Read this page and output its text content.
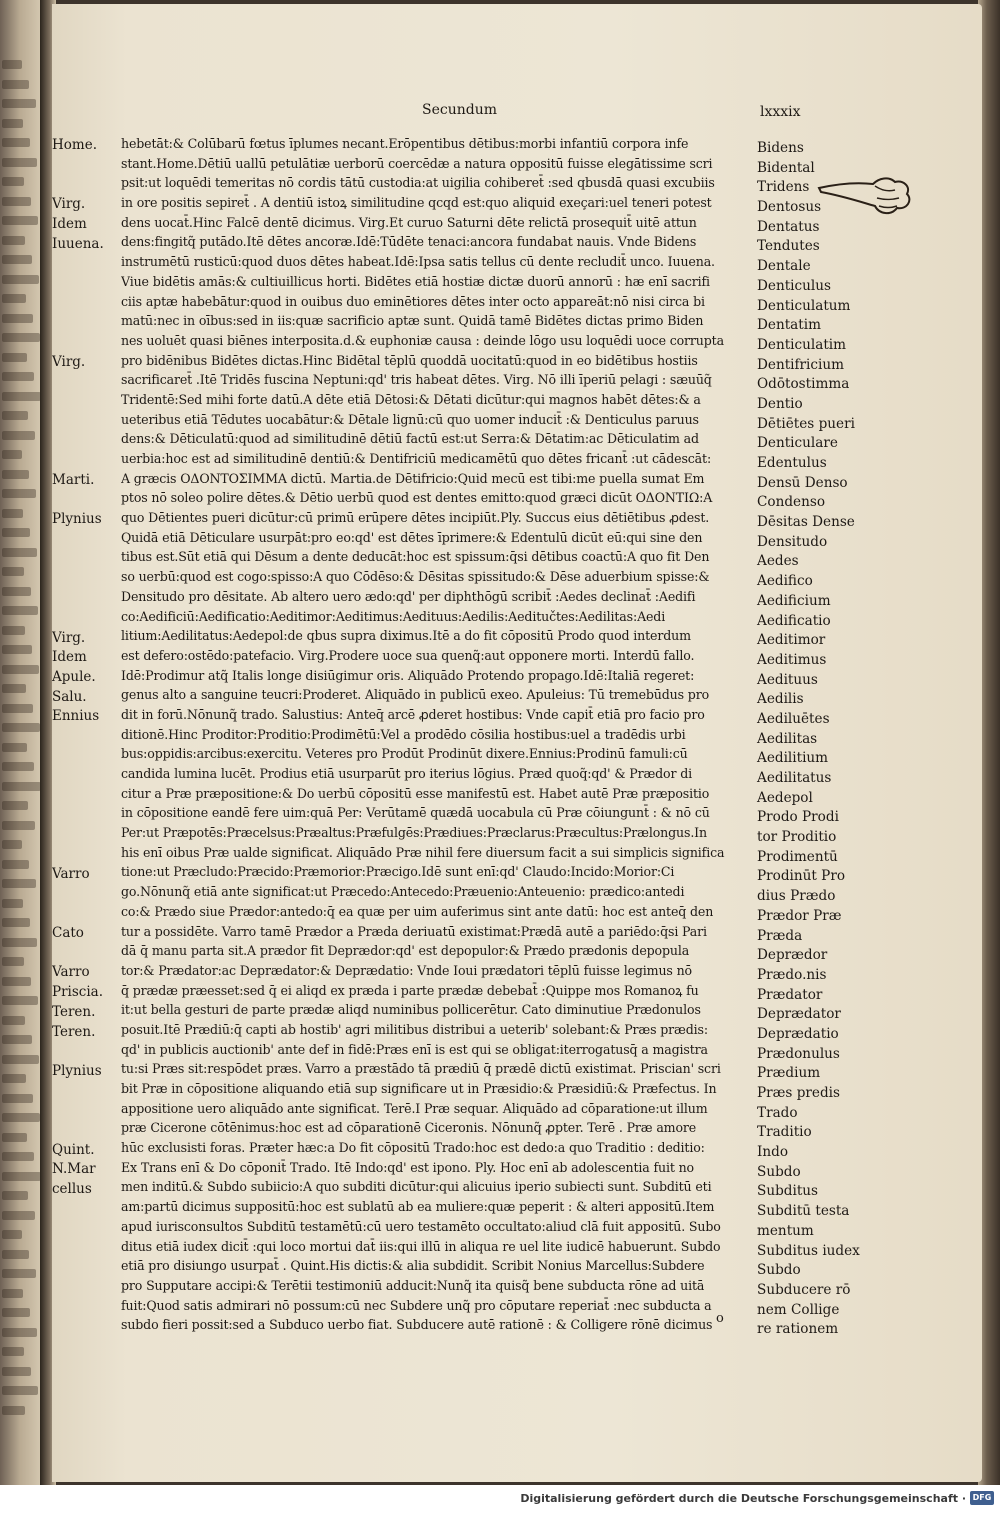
Secundum	lxxxix
Home.
Virg.
Idem
Iuuena.
Virg.
Marti.
Plynius
Virg.
Idem
Apule.
Salu.
Ennius
Varro
Cato
Varro
Priscia.
Teren.
Teren.
Plynius
Quint.
N.Mar
cellus
hebetāt:& Colūbarū fœtus īplumes necant.Erōpentibus dētibus:morbi infantiū corpora infe
stant.Home.Dētiū uallū petulātiæ uerborū coercēdæ a natura oppositū fuisse elegātissime scri
psit:ut loquēdi temeritas nō cordis tātū custodia:at uigilia cohiberet̄ :sed qbusdā quasi excubiis
in ore positis sepiret̄ . A dentiū istoꝝ similitudine qcqd est:quo aliquid exeçari:uel teneri potest
dens uocat̄.Hinc Falcē dentē dicimus. Virg.Et curuo Saturni dēte relictā prosequit̄ uitē attun
dens:fingitq̃ putādo.Itē dētes ancoræ.Idē:Tūdēte tenaci:ancora fundabat nauis. Vnde Bidens
instrumētū rusticū:quod duos dētes habeat.Idē:Ipsa satis tellus cū dente recludit̄ unco. Iuuena.
Viue bidētis amās:& cultiuillicus horti. Bidētes etiā hostiæ dictæ duorū annorū : hæ enī sacrifi
ciis aptæ habebātur:quod in ouibus duo eminētiores dētes inter octo appareāt:nō nisi circa bi
matū:nec in oībus:sed in iis:quæ sacrificio aptæ sunt. Quidā tamē Bidētes dictas primo Biden
nes uoluēt quasi biēnes interposita.d.& euphoniæ causa : deinde lōgo usu loquēdi uoce corrupta
pro bidēnibus Bidētes dictas.Hinc Bidētal tēplū quoddā uocitatū:quod in eo bidētibus hostiis
sacrificaret̄ .Itē Tridēs fuscina Neptuni:qd' tris habeat dētes. Virg. Nō illi īperiū pelagi : sæuūq̃
Tridentē:Sed mihi forte datū.A dēte etiā Dētosi:& Dētati dicūtur:qui magnos habēt dētes:& a
ueteribus etiā Tēdutes uocabātur:& Dētale lignū:cū quo uomer inducit̄ :& Denticulus paruus
dens:& Dēticulatū:quod ad similitudinē dētiū factū est:ut Serra:& Dētatim:ac Dēticulatim ad
uerbia:hoc est ad similitudinē dentiū:& Dentifriciū medicamētū quo dētes fricant̄ :ut cādescāt:
A græcis ΟΔΟΝΤΟΣΙΜΜΑ dictū. Martia.de Dētifricio:Quid mecū est tibi:me puella sumat Em
ptos nō soleo polire dētes.& Dētio uerbū quod est dentes emitto:quod græci dicūt ΟΔΟΝΤΙΩ:A
quo Dētientes pueri dicūtur:cū primū erūpere dētes incipiūt.Ply. Succus eius dētiētibus ꝓdest.
Quidā etiā Dēticulare usurpāt:pro eo:qd' est dētes īprimere:& Edentulū dicūt eū:qui sine den
tibus est.Sūt etiā qui Dēsum a dente deducāt:hoc est spissum:q̄si dētibus coactū:A quo fit Den
so uerbū:quod est cogo:spisso:A quo Cōdēso:& Dēsitas spissitudo:& Dēse aduerbium spisse:&
Densitudo pro dēsitate. Ab altero uero ædo:qd' per diphthōgū scribit̄ :Aedes declinat̄ :Aedifi
co:Aedificiū:Aedificatio:Aeditimor:Aeditimus:Aedituus:Aedilis:Aeditučtes:Aedilitas:Aedi
litium:Aedilitatus:Aedepol:de qbus supra diximus.Itē a do fit cōpositū Prodo quod interdum
est defero:ostēdo:patefacio. Virg.Prodere uoce sua quenq̃:aut opponere morti. Interdū fallo.
Idē:Prodimur atq̃ Italis longe disiūgimur oris. Aliquādo Protendo propago.Idē:Italiā regeret:
genus alto a sanguine teucri:Proderet. Aliquādo in publicū exeo. Apuleius: Tū tremebūdus pro
dit in forū.Nōnunq̃ trado. Salustius: Anteq̄ arcē ꝓderet hostibus: Vnde capit̄ etiā pro facio pro
ditionē.Hinc Proditor:Proditio:Prodimētū:Vel a prodēdo cōsilia hostibus:uel a tradēdis urbi
bus:oppidis:arcibus:exercitu. Veteres pro Prodūt Prodinūt dixere.Ennius:Prodinū famuli:cū
candida lumina lucēt. Prodius etiā usurparūt pro iterius lōgius. Præd quoq̃:qd' & Prædor di
citur a Præ præpositione:& Do uerbū cōpositū esse manifestū est. Habet autē Præ præpositio
in cōpositione eandē fere uim:quā Per: Verūtamē quædā uocabula cū Præ cōiungunt̄ : & nō cū
Per:ut Præpotēs:Præcelsus:Præaltus:Præfulgēs:Prædiues:Præclarus:Præcultus:Prælongus.In
his enī oibus Præ ualde significat. Aliquādo Præ nihil fere diuersum facit a sui simplicis significa
tione:ut Præcludo:Præcido:Præmorior:Præcigo.Idē sunt enī:qd' Claudo:Incido:Morior:Ci
go.Nōnunq̃ etiā ante significat:ut Præcedo:Antecedo:Præuenio:Anteuenio: prædico:antedi
co:& Prædo siue Prædor:antedo:q̄ ea quæ per uim auferimus sint ante datū: hoc est anteq̄ den
tur a possidēte. Varro tamē Prædor a Præda deriuatū existimat:Prædā autē a pariēdo:q̄si Pari
dā q̄ manu parta sit.A prædor fit Deprædor:qd' est depopulor:& Prædo prædonis depopula
tor:& Prædator:ac Deprædator:& Deprædatio: Vnde Ioui prædatori tēplū fuisse legimus nō
q̄ prædæ præesset:sed q̄ ei aliqd ex præda i parte prædæ debebat̄ :Quippe mos Romanoꝝ fu
it:ut bella gesturi de parte prædæ aliqd numinibus pollicerētur. Cato diminutiue Prædonulos
posuit.Itē Prædiū:q̄ capti ab hostib' agri militibus distribui a ueterib' solebant:& Præs prædis:
qd' in publicis auctionib' ante def in fidē:Præs enī is est qui se obligat:iterrogatusq̄ a magistra
tu:si Præs sit:respōdet præs. Varro a præstādo tā prædiū q̄ prædē dictū existimat. Priscian' scri
bit Præ in cōpositione aliquando etiā sup significare ut in Præsidio:& Præsidiū:& Præfectus. In
appositione uero aliquādo ante significat. Terē.I Præ sequar. Aliquādo ad cōparatione:ut illum
præ Cicerone cōtēnimus:hoc est ad cōparationē Ciceronis. Nōnunq̃ ꝓpter. Terē . Præ amore
hūc exclusisti foras. Præter hæc:a Do fit cōpositū Trado:hoc est dedo:a quo Traditio : deditio:
Ex Trans enī & Do cōponit̄ Trado. Itē Indo:qd' est ipono. Ply. Hoc enī ab adolescentia fuit no
men inditū.& Subdo subiicio:A quo subditi dicūtur:qui alicuius iperio subiecti sunt. Subditū eti
am:partū dicimus suppositū:hoc est sublatū ab ea muliere:quæ peperit : & alteri appositū.Item
apud iurisconsultos Subditū testamētū:cū uero testamēto occultato:aliud clā fuit appositū. Subo
ditus etiā iudex dicit̄ :qui loco mortui dat̄ iis:qui illū in aliqua re uel lite iudicē habuerunt. Subdo
etiā pro disiungo usurpat̄ . Quint.His dictis:& alia subdidit. Scribit Nonius Marcellus:Subdere
pro Supputare accipi:& Terētii testimoniū adducit:Nunq̃ ita quisq̃ bene subducta rōne ad uitā
fuit:Quod satis admirari nō possum:cū nec Subdere unq̃ pro cōputare reperiat̄ :nec subducta a
subdo fieri possit:sed a Subduco uerbo fiat. Subducere autē rationē : & Colligere rōnē dicimus
Bidens
Bidental
Tridens
Dentosus
Dentatus
Tendutes
Dentale
Denticulus
Denticulatum
Dentatim
Denticulatim
Dentifricium
Odōtostimma
Dentio
Dētiētes pueri
Denticulare
Edentulus
Densū Denso
Condenso
Dēsitas Dense
Densitudo
Aedes
Aedifico
Aedificium
Aedificatio
Aeditimor
Aeditimus
Aedituus
Aedilis
Aediluētes
Aedilitas
Aedilitium
Aedilitatus
Aedepol
Prodo Prodi
tor Proditio
Prodimentū
Prodinūt Pro
dius Prædo
Prædor Præ
Præda
Deprædor
Prædo.nis
Prædator
Deprædator
Deprædatio
Prædonulus
Prædium
Præs predis
Trado
Traditio
Indo
Subdo
Subditus
Subditū testa
mentum
Subditus iudex
Subdo
Subducere rō
nem Collige
re rationem
o
Digitalisierung gefördert durch die Deutsche Forschungsgemeinschaft · DFG
